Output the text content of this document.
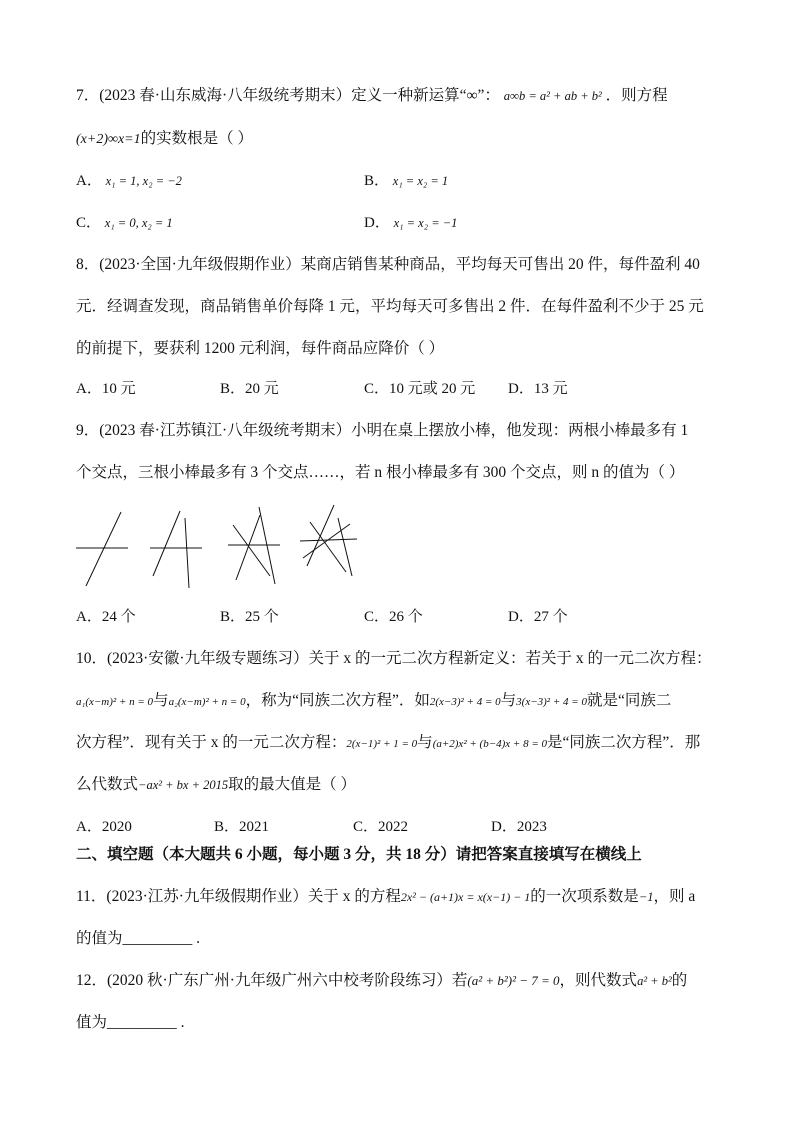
7．(2023 春·山东威海·八年级统考期末）定义一种新运算“∞”： a∞b = a² + ab + b² ．则方程
(x+2)∞x=1的实数根是（ ）
A． x₁ = 1, x₂ = −2	B． x₁ = x₂ = 1
C． x₁ = 0, x₂ = 1	D． x₁ = x₂ = −1
8．(2023·全国·九年级假期作业）某商店销售某种商品，平均每天可售出 20 件，每件盈利 40
元．经调查发现，商品销售单价每降 1 元，平均每天可多售出 2 件．在每件盈利不少于 25 元
的前提下，要获利 1200 元利润，每件商品应降价（ ）
A．10 元	B．20 元	C．10 元或 20 元 D．13 元
9．(2023 春·江苏镇江·八年级统考期末）小明在桌上摆放小棒，他发现：两根小棒最多有 1
个交点，三根小棒最多有 3 个交点……，若 n 根小棒最多有 300 个交点，则 n 的值为（ ）
A．24 个	B．25 个	C．26 个	D．27 个
10．(2023·安徽·九年级专题练习）关于 x 的一元二次方程新定义：若关于 x 的一元二次方程：
a₁(x−m)² + n = 0与a₂(x−m)² + n = 0，称为“同族二次方程”．如2(x−3)² + 4 = 0与3(x−3)² + 4 = 0就是“同族二
次方程”．现有关于 x 的一元二次方程：2(x−1)² + 1 = 0与(a+2)x² + (b−4)x + 8 = 0是“同族二次方程”．那
么代数式−ax² + bx + 2015取的最大值是（ ）
A．2020	B．2021	C．2022	D．2023
二、填空题（本大题共 6 小题，每小题 3 分，共 18 分）请把答案直接填写在横线上
11．(2023·江苏·九年级假期作业）关于 x 的方程2x² − (a+1)x = x(x−1) − 1的一次项系数是−1，则 a
的值为_________ .
12．(2020 秋·广东广州·九年级广州六中校考阶段练习）若(a² + b²)² − 7 = 0，则代数式a² + b²的
值为_________ .
